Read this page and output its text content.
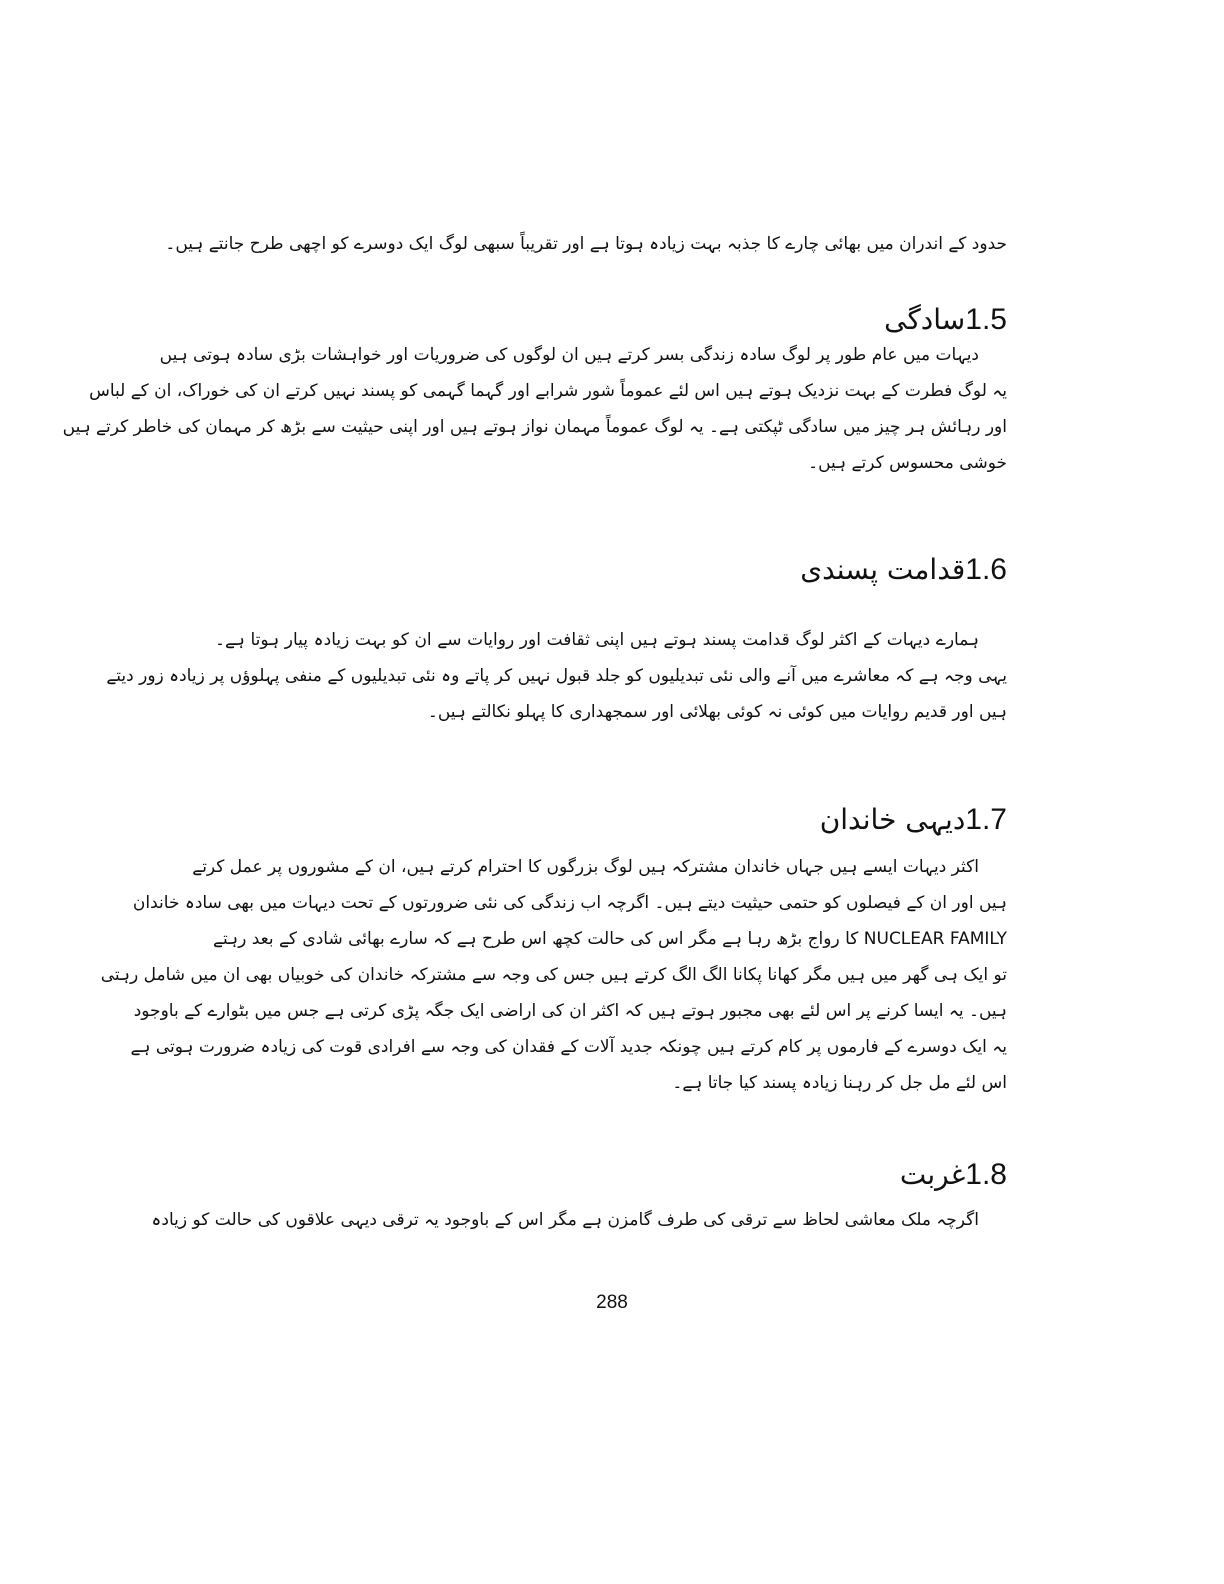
حدود کے اندران میں بھائی چارے کا جذبہ بہت زیادہ ہوتا ہے اور تقریباً سبھی لوگ ایک دوسرے کو اچھی طرح جانتے ہیں۔
1.5سادگی
دیہات میں عام طور پر لوگ سادہ زندگی بسر کرتے ہیں ان لوگوں کی ضروریات اور خواہشات بڑی سادہ ہوتی ہیں
یہ لوگ فطرت کے بہت نزدیک ہوتے ہیں اس لئے عموماً شور شرابے اور گہما گہمی کو پسند نہیں کرتے ان کی خوراک، ان کے لباس
اور رہائش ہر چیز میں سادگی ٹپکتی ہے۔ یہ لوگ عموماً مہمان نواز ہوتے ہیں اور اپنی حیثیت سے بڑھ کر مہمان کی خاطر کرتے ہیں
خوشی محسوس کرتے ہیں۔
1.6قدامت پسندی
ہمارے دیہات کے اکثر لوگ قدامت پسند ہوتے ہیں اپنی ثقافت اور روایات سے ان کو بہت زیادہ پیار ہوتا ہے۔
یہی وجہ ہے کہ معاشرے میں آنے والی نئی تبدیلیوں کو جلد قبول نہیں کر پاتے وہ نئی تبدیلیوں کے منفی پہلوؤں پر زیادہ زور دیتے
ہیں اور قدیم روایات میں کوئی نہ کوئی بھلائی اور سمجھداری کا پہلو نکالتے ہیں۔
1.7دیہی خاندان
اکثر دیہات ایسے ہیں جہاں خاندان مشترکہ ہیں لوگ بزرگوں کا احترام کرتے ہیں، ان کے مشوروں پر عمل کرتے
ہیں اور ان کے فیصلوں کو حتمی حیثیت دیتے ہیں۔ اگرچہ اب زندگی کی نئی ضرورتوں کے تحت دیہات میں بھی سادہ خاندان
NUCLEAR FAMILY کا رواج بڑھ رہا ہے مگر اس کی حالت کچھ اس طرح ہے کہ سارے بھائی شادی کے بعد رہتے
تو ایک ہی گھر میں ہیں مگر کھانا پکانا الگ الگ کرتے ہیں جس کی وجہ سے مشترکہ خاندان کی خوبیاں بھی ان میں شامل رہتی
ہیں۔ یہ ایسا کرنے پر اس لئے بھی مجبور ہوتے ہیں کہ اکثر ان کی اراضی ایک جگہ پڑی کرتی ہے جس میں بٹوارے کے باوجود
یہ ایک دوسرے کے فارموں پر کام کرتے ہیں چونکہ جدید آلات کے فقدان کی وجہ سے افرادی قوت کی زیادہ ضرورت ہوتی ہے
اس لئے مل جل کر رہنا زیادہ پسند کیا جاتا ہے۔
1.8غربت
اگرچہ ملک معاشی لحاظ سے ترقی کی طرف گامزن ہے مگر اس کے باوجود یہ ترقی دیہی علاقوں کی حالت کو زیادہ
288
